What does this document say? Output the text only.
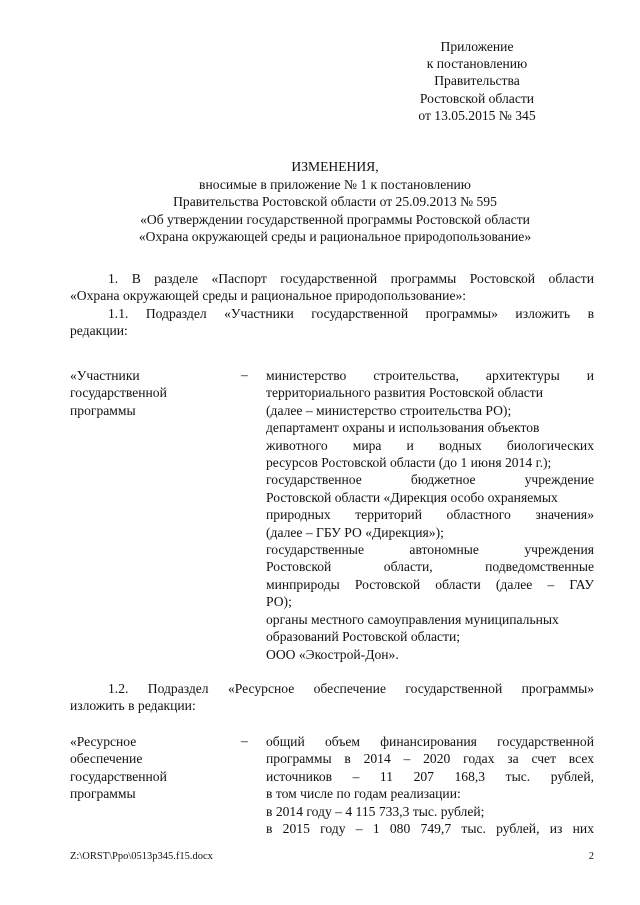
Приложение
к постановлению
Правительства
Ростовской области
от 13.05.2015 № 345
ИЗМЕНЕНИЯ,
вносимые в приложение № 1 к постановлению
Правительства Ростовской области от 25.09.2013 № 595
«Об утверждении государственной программы Ростовской области
«Охрана окружающей среды и рациональное природопользование»
1. В разделе «Паспорт государственной программы Ростовской области
«Охрана окружающей среды и рациональное природопользование»:
1.1. Подраздел «Участники государственной программы» изложить в
редакции:
«Участники
государственной
программы
– министерство строительства, архитектуры и
территориального развития Ростовской области
(далее – министерство строительства РО);
департамент охраны и использования объектов
животного мира и водных биологических
ресурсов Ростовской области (до 1 июня 2014 г.);
государственное бюджетное учреждение
Ростовской области «Дирекция особо охраняемых
природных территорий областного значения»
(далее – ГБУ РО «Дирекция»);
государственные автономные учреждения
Ростовской области, подведомственные
минприроды Ростовской области (далее – ГАУ
РО);
органы местного самоуправления муниципальных
образований Ростовской области;
ООО «Экострой-Дон».
1.2. Подраздел «Ресурсное обеспечение государственной программы»
изложить в редакции:
«Ресурсное
обеспечение
государственной
программы
– общий объем финансирования государственной
программы в 2014 – 2020 годах за счет всех
источников – 11 207 168,3 тыс. рублей,
в том числе по годам реализации:
в 2014 году – 4 115 733,3 тыс. рублей;
в 2015 году – 1 080 749,7 тыс. рублей, из них
Z:\ORST\Ppo\0513p345.f15.docx	2
